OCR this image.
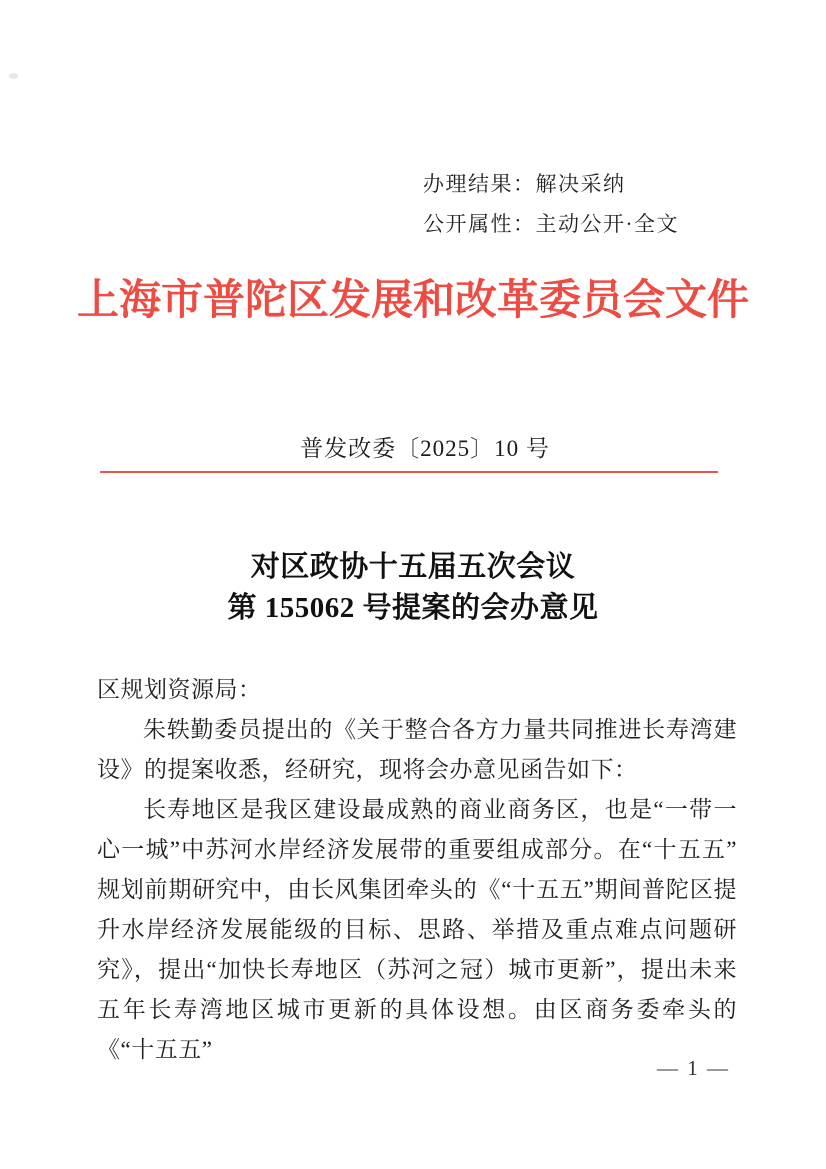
办理结果：解决采纳
公开属性：主动公开·全文
上海市普陀区发展和改革委员会文件
普发改委〔2025〕10 号
对区政协十五届五次会议
第 155062 号提案的会办意见

区规划资源局：

朱轶勤委员提出的《关于整合各方力量共同推进长寿湾建设》的提案收悉，经研究，现将会办意见函告如下：

长寿地区是我区建设最成熟的商业商务区，也是“一带一心一城”中苏河水岸经济发展带的重要组成部分。在“十五五”规划前期研究中，由长风集团牵头的《“十五五”期间普陀区提升水岸经济发展能级的目标、思路、举措及重点难点问题研究》，提出“加快长寿地区（苏河之冠）城市更新”，提出未来五年长寿湾地区城市更新的具体设想。由区商务委牵头的《“十五五”

— 1 —
